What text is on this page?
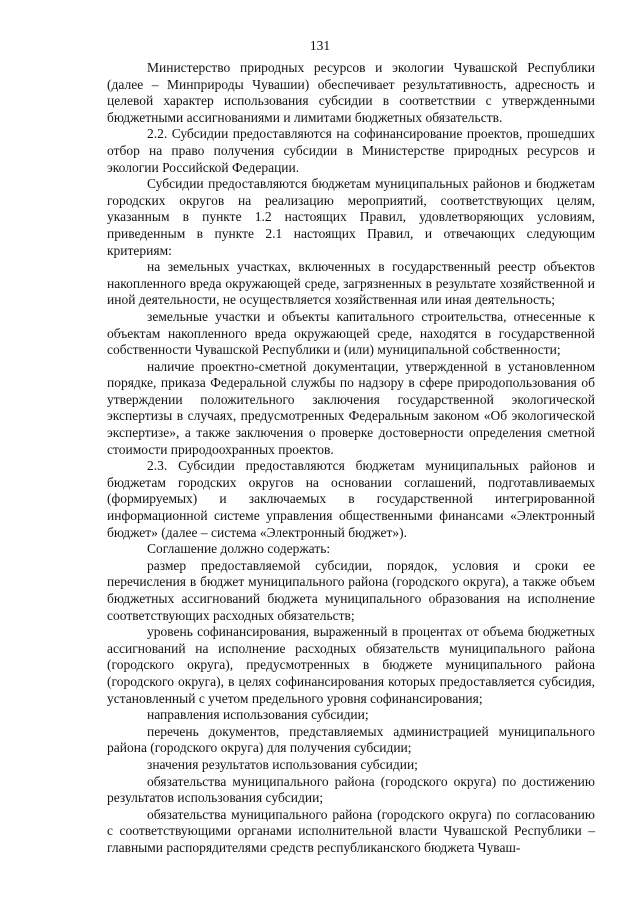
131

Министерство природных ресурсов и экологии Чувашской Республики (далее – Минприроды Чувашии) обеспечивает результативность, адресность и целевой характер использования субсидии в соответствии с утвержденными бюджетными ассигнованиями и лимитами бюджетных обязательств.

2.2. Субсидии предоставляются на софинансирование проектов, прошедших отбор на право получения субсидии в Министерстве природных ресурсов и экологии Российской Федерации.

Субсидии предоставляются бюджетам муниципальных районов и бюджетам городских округов на реализацию мероприятий, соответствующих целям, указанным в пункте 1.2 настоящих Правил, удовлетворяющих условиям, приведенным в пункте 2.1 настоящих Правил, и отвечающих следующим критериям:

на земельных участках, включенных в государственный реестр объектов накопленного вреда окружающей среде, загрязненных в результате хозяйственной и иной деятельности, не осуществляется хозяйственная или иная деятельность;

земельные участки и объекты капитального строительства, отнесенные к объектам накопленного вреда окружающей среде, находятся в государственной собственности Чувашской Республики и (или) муниципальной собственности;

наличие проектно-сметной документации, утвержденной в установленном порядке, приказа Федеральной службы по надзору в сфере природопользования об утверждении положительного заключения государственной экологической экспертизы в случаях, предусмотренных Федеральным законом «Об экологической экспертизе», а также заключения о проверке достоверности определения сметной стоимости природоохранных проектов.

2.3. Субсидии предоставляются бюджетам муниципальных районов и бюджетам городских округов на основании соглашений, подготавливаемых (формируемых) и заключаемых в государственной интегрированной информационной системе управления общественными финансами «Электронный бюджет» (далее – система «Электронный бюджет»).

Соглашение должно содержать:

размер предоставляемой субсидии, порядок, условия и сроки ее перечисления в бюджет муниципального района (городского округа), а также объем бюджетных ассигнований бюджета муниципального образования на исполнение соответствующих расходных обязательств;

уровень софинансирования, выраженный в процентах от объема бюджетных ассигнований на исполнение расходных обязательств муниципального района (городского округа), предусмотренных в бюджете муниципального района (городского округа), в целях софинансирования которых предоставляется субсидия, установленный с учетом предельного уровня софинансирования;

направления использования субсидии;

перечень документов, представляемых администрацией муниципального района (городского округа) для получения субсидии;

значения результатов использования субсидии;

обязательства муниципального района (городского округа) по достижению результатов использования субсидии;

обязательства муниципального района (городского округа) по согласованию с соответствующими органами исполнительной власти Чувашской Республики – главными распорядителями средств республиканского бюджета Чуваш-
